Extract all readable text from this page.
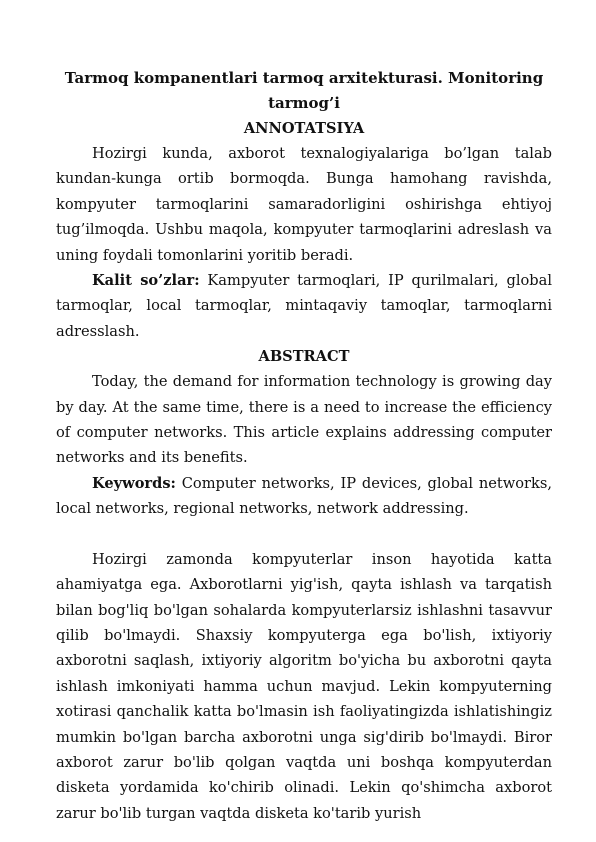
Tarmoq kompanentlari tarmoq arxitekturasi. Monitoring tarmog’i
ANNOTATSIYA

Hozirgi kunda, axborot texnalogiyalariga bo’lgan talab kundan-kunga ortib bormoqda. Bunga hamohang ravishda, kompyuter tarmoqlarini samaradorligini oshirishga ehtiyoj tug’ilmoqda. Ushbu maqola, kompyuter tarmoqlarini adreslash va uning foydali tomonlarini yoritib beradi.

Kalit so’zlar: Kampyuter tarmoqlari, IP qurilmalari, global tarmoqlar, local tarmoqlar, mintaqaviy tamoqlar, tarmoqlarni adresslash.

ABSTRACT

Today, the demand for information technology is growing day by day. At the same time, there is a need to increase the efficiency of computer networks. This article explains addressing computer networks and its benefits.

Keywords: Computer networks, IP devices, global networks, local networks, regional networks, network addressing.

Hozirgi zamonda kompyuterlar inson hayotida katta ahamiyatga ega. Axborotlarni yig'ish, qayta ishlash va tarqatish bilan bog'liq bo'lgan sohalarda kompyuterlarsiz ishlashni tasavvur qilib bo'lmaydi. Shaxsiy kompyuterga ega bo'lish, ixtiyoriy axborotni saqlash, ixtiyoriy algoritm bo'yicha bu axborotni qayta ishlash imkoniyati hamma uchun mavjud. Lekin kompyuterning xotirasi qanchalik katta bo'lmasin ish faoliyatingizda ishlatishingiz mumkin bo'lgan barcha axborotni unga sig'dirib bo'lmaydi. Biror axborot zarur bo'lib qolgan vaqtda uni boshqa kompyuterdan disketa yordamida ko'chirib olinadi. Lekin qo'shimcha axborot zarur bo'lib turgan vaqtda disketa ko'tarib yurish
